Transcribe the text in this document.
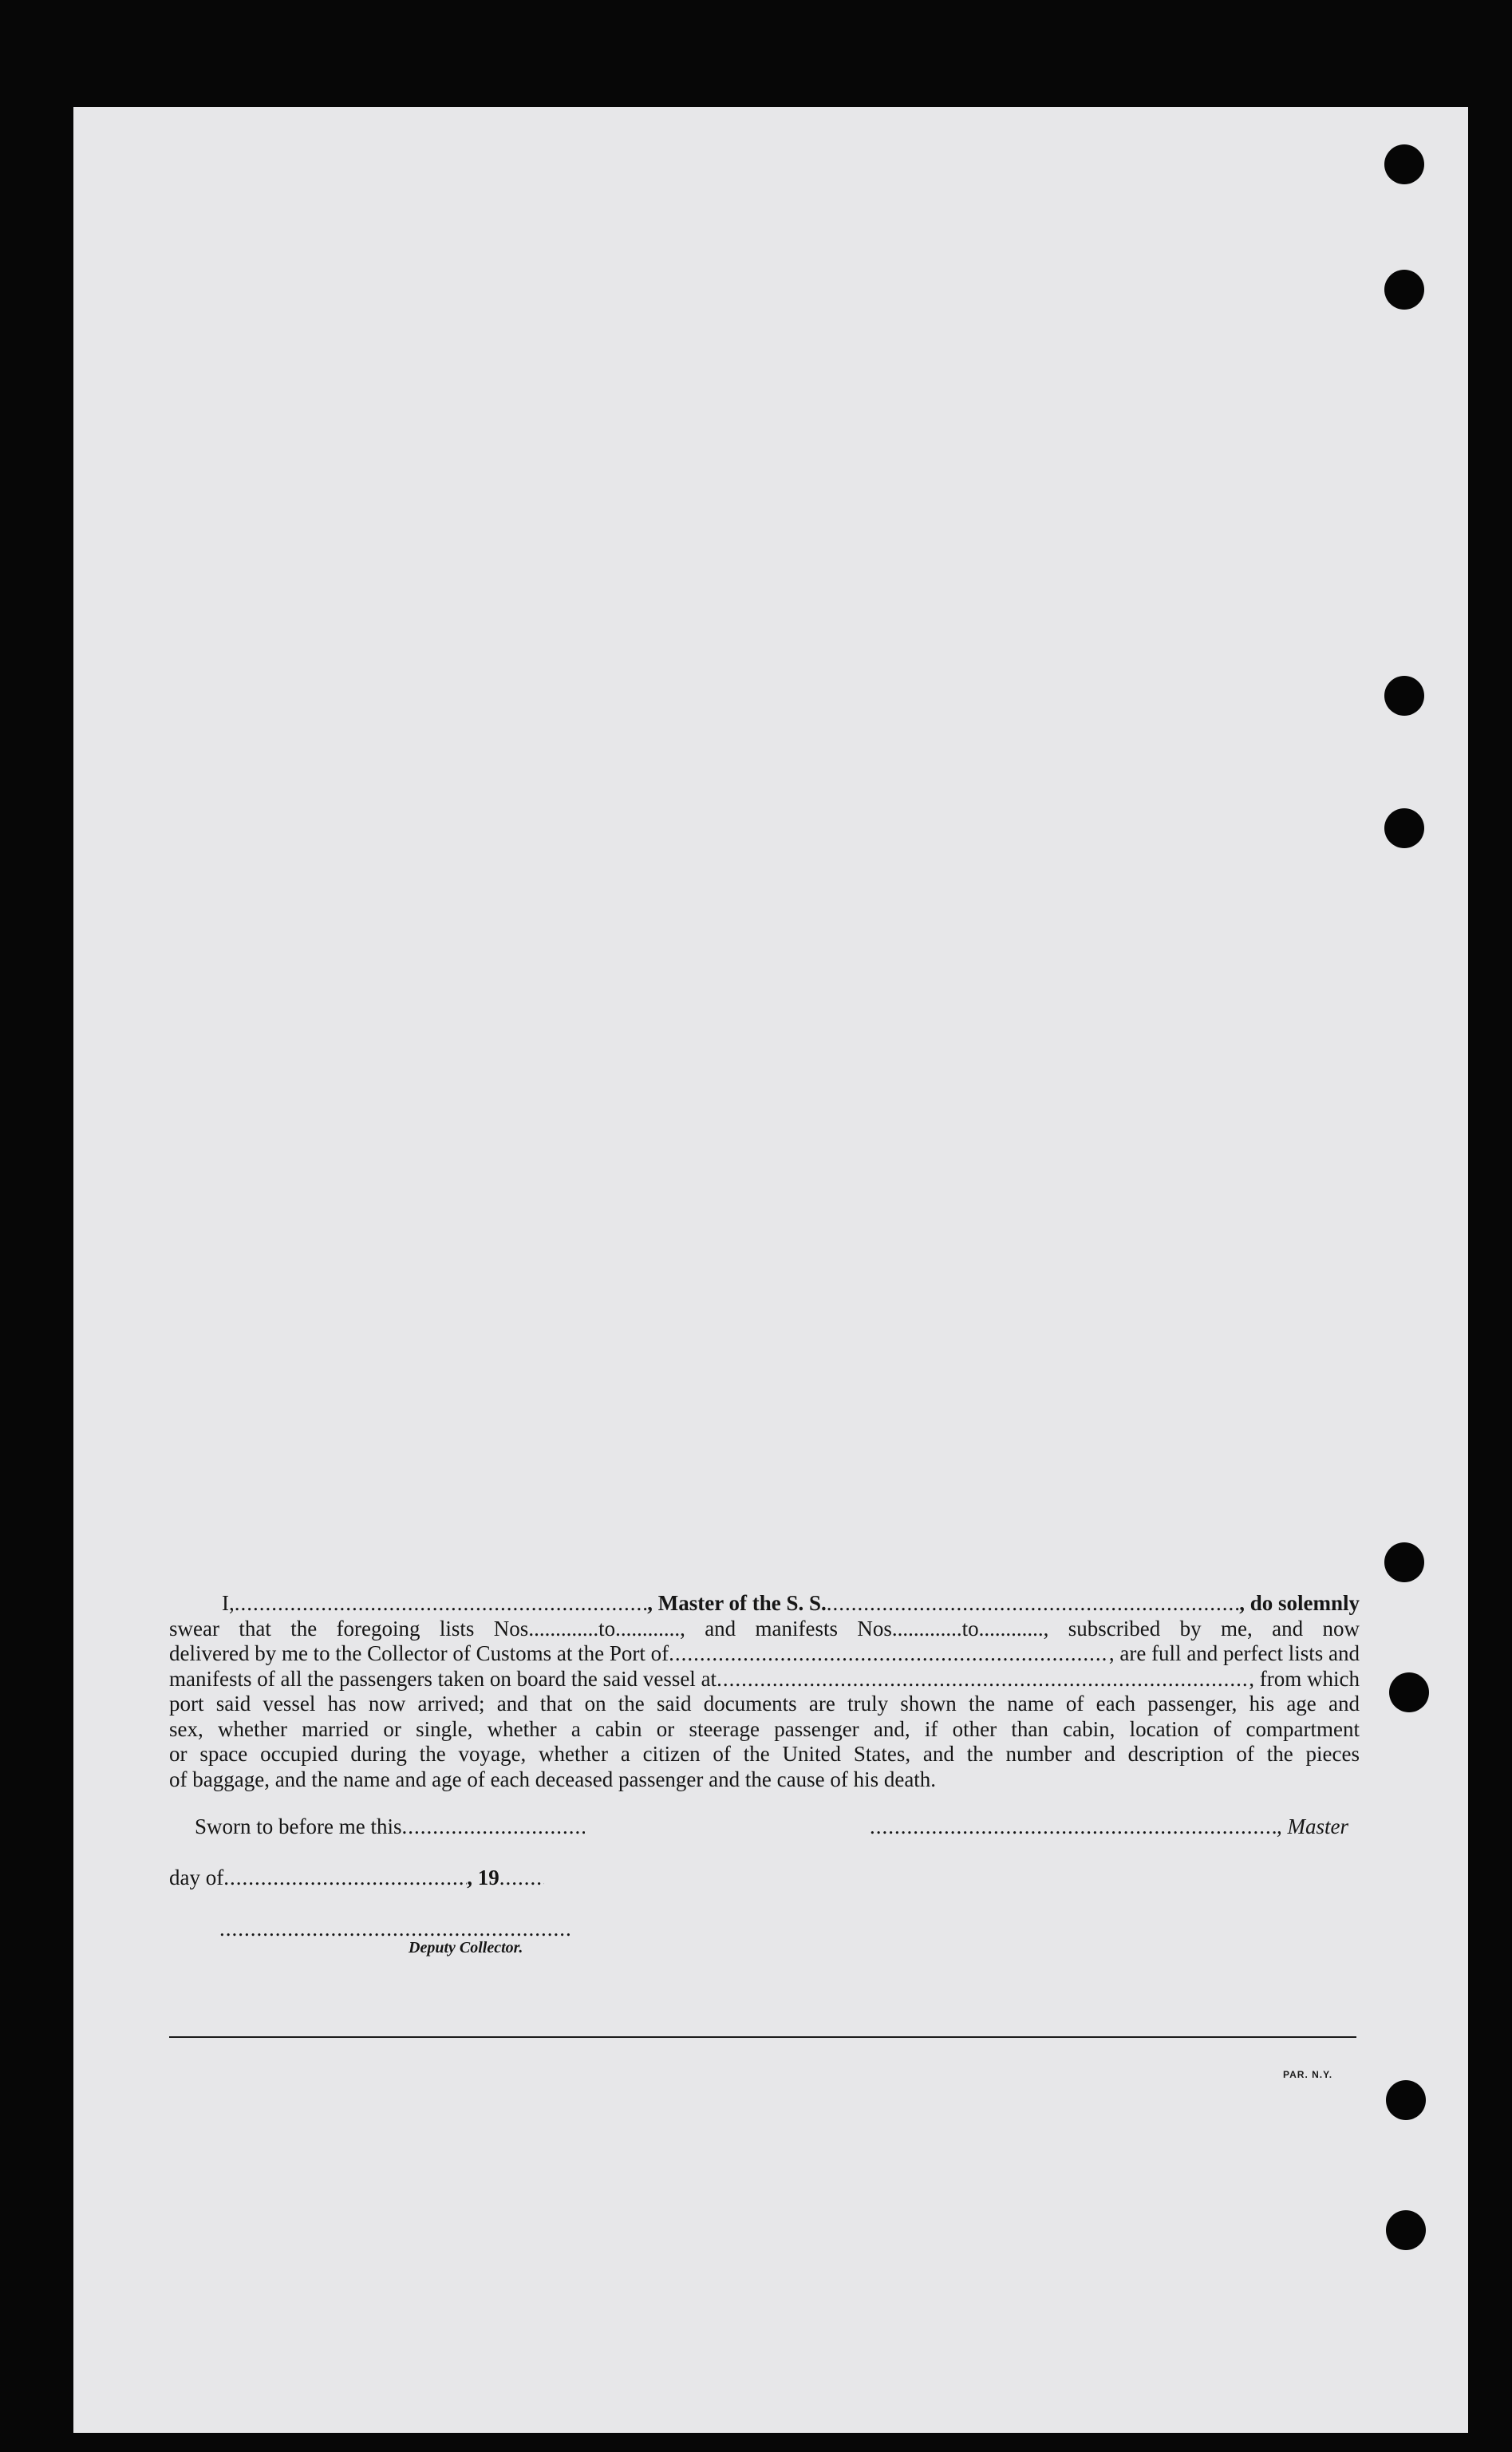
I, .....	, Master of the S. S. .....	, do solemnly
swear that the foregoing lists Nos.............to............, and manifests Nos.............to............, subscribed by me, and now
delivered by me to the Collector of Customs at the Port of .....	, are full and perfect lists and
manifests of all the passengers taken on board the said vessel at .....	, from which
port said vessel has now arrived; and that on the said documents are truly shown the name of each passenger, his age and
sex, whether married or single, whether a cabin or steerage passenger and, if other than cabin, location of compartment
or space occupied during the voyage, whether a citizen of the United States, and the number and description of the pieces
of baggage, and the name and age of each deceased passenger and the cause of his death.
Sworn to before me this ..... .....	, Master
day of .....	, 19.....
.....
Deputy Collector.
PAR. N.Y.
